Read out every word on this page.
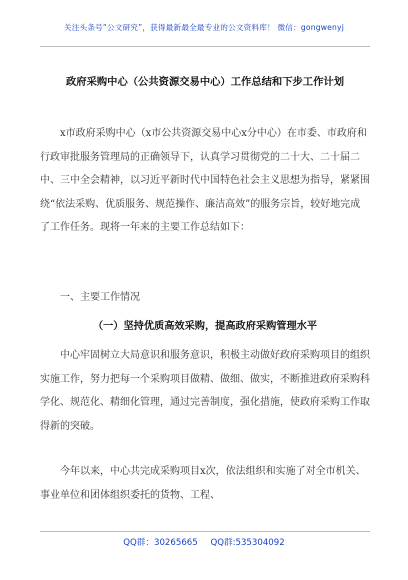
关注头条号“公文研究”，获得最新最全最专业的公文资料库！ 微信：gongwenyj
政府采购中心（公共资源交易中心）工作总结和下步工作计划

x市政府采购中心（x市公共资源交易中心x分中心）在市委、市政府和行政审批服务管理局的正确领导下，认真学习贯彻党的二十大、二十届二中、三中全会精神，以习近平新时代中国特色社会主义思想为指导，紧紧围绕“依法采购、优质服务、规范操作、廉洁高效”的服务宗旨，较好地完成了工作任务。现将一年来的主要工作总结如下：

一、主要工作情况

（一）坚持优质高效采购，提高政府采购管理水平

中心牢固树立大局意识和服务意识，积极主动做好政府采购项目的组织实施工作，努力把每一个采购项目做精、做细、做实，不断推进政府采购科学化、规范化、精细化管理，通过完善制度，强化措施，使政府采购工作取得新的突破。

今年以来，中心共完成采购项目x次，依法组织和实施了对全市机关、事业单位和团体组织委托的货物、工程、

QQ群：30265665 QQ群:535304092
